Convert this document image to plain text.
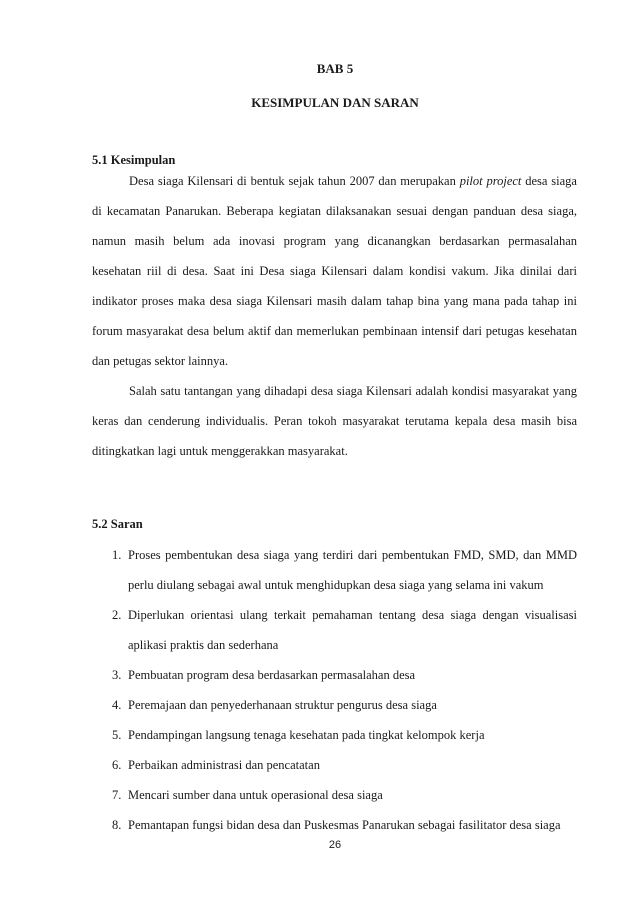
BAB 5
KESIMPULAN DAN SARAN
5.1 Kesimpulan

Desa siaga Kilensari di bentuk sejak tahun 2007 dan merupakan pilot project desa siaga di kecamatan Panarukan. Beberapa kegiatan dilaksanakan sesuai dengan panduan desa siaga, namun masih belum ada inovasi program yang dicanangkan berdasarkan permasalahan kesehatan riil di desa. Saat ini Desa siaga Kilensari dalam kondisi vakum. Jika dinilai dari indikator proses maka desa siaga Kilensari masih dalam tahap bina yang mana pada tahap ini forum masyarakat desa belum aktif dan memerlukan pembinaan intensif dari petugas kesehatan dan petugas sektor lainnya.

Salah satu tantangan yang dihadapi desa siaga Kilensari adalah kondisi masyarakat yang keras dan cenderung individualis. Peran tokoh masyarakat terutama kepala desa masih bisa ditingkatkan lagi untuk menggerakkan masyarakat.

5.2 Saran
1. Proses pembentukan desa siaga yang terdiri dari pembentukan FMD, SMD, dan MMD perlu diulang sebagai awal untuk menghidupkan desa siaga yang selama ini vakum
2. Diperlukan orientasi ulang terkait pemahaman tentang desa siaga dengan visualisasi aplikasi praktis dan sederhana
3. Pembuatan program desa berdasarkan permasalahan desa
4. Peremajaan dan penyederhanaan struktur pengurus desa siaga
5. Pendampingan langsung tenaga kesehatan pada tingkat kelompok kerja
6. Perbaikan administrasi dan pencatatan
7. Mencari sumber dana untuk operasional desa siaga
8. Pemantapan fungsi bidan desa dan Puskesmas Panarukan sebagai fasilitator desa siaga
26
